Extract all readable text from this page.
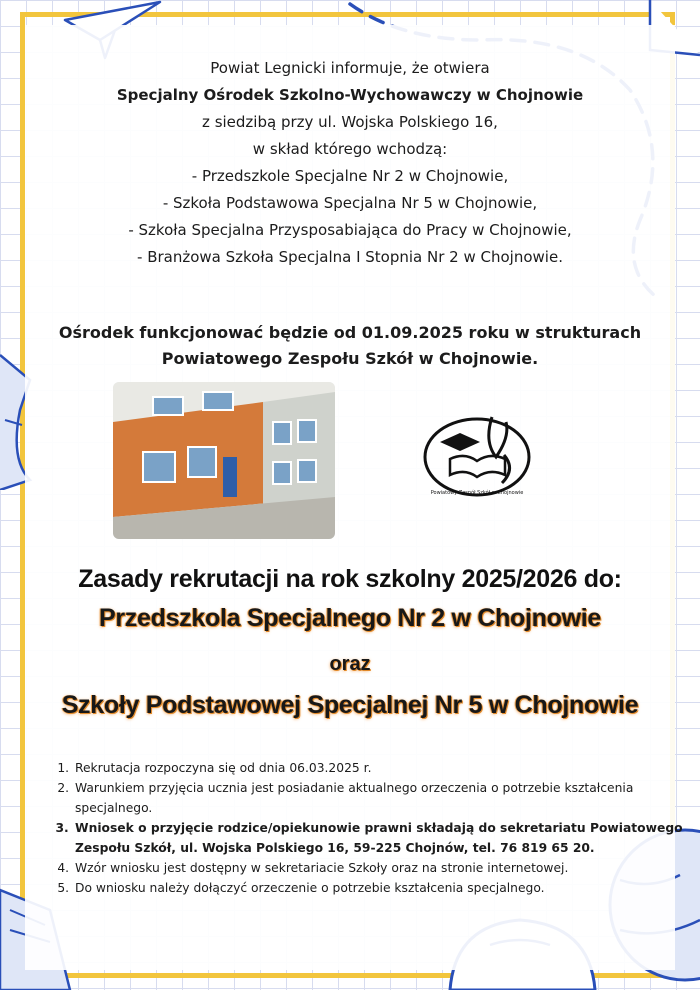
Powiat Legnicki informuje, że otwiera

Specjalny Ośrodek Szkolno-Wychowawczy w Chojnowie

z siedzibą przy ul. Wojska Polskiego 16,

w skład którego wchodzą:

- Przedszkole Specjalne Nr 2 w Chojnowie,

- Szkoła Podstawowa Specjalna Nr 5 w Chojnowie,

- Szkoła Specjalna Przysposabiająca do Pracy w Chojnowie,

- Branżowa Szkoła Specjalna I Stopnia Nr 2 w Chojnowie.

Ośrodek funkcjonować będzie od 01.09.2025 roku w strukturach
Powiatowego Zespołu Szkół w Chojnowie.
Powiatowy Zespół Szkół w Chojnowie
Zasady rekrutacji na rok szkolny 2025/2026 do:
Przedszkola Specjalnego Nr 2 w Chojnowie
oraz
Szkoły Podstawowej Specjalnej Nr 5 w Chojnowie
1. Rekrutacja rozpoczyna się od dnia 06.03.2025 r.
2. Warunkiem przyjęcia ucznia jest posiadanie aktualnego orzeczenia o potrzebie kształcenia specjalnego.
3. Wniosek o przyjęcie rodzice/opiekunowie prawni składają do sekretariatu Powiatowego Zespołu Szkół, ul. Wojska Polskiego 16, 59-225 Chojnów, tel. 76 819 65 20.
4. Wzór wniosku jest dostępny w sekretariacie Szkoły oraz na stronie internetowej.
5. Do wniosku należy dołączyć orzeczenie o potrzebie kształcenia specjalnego.
